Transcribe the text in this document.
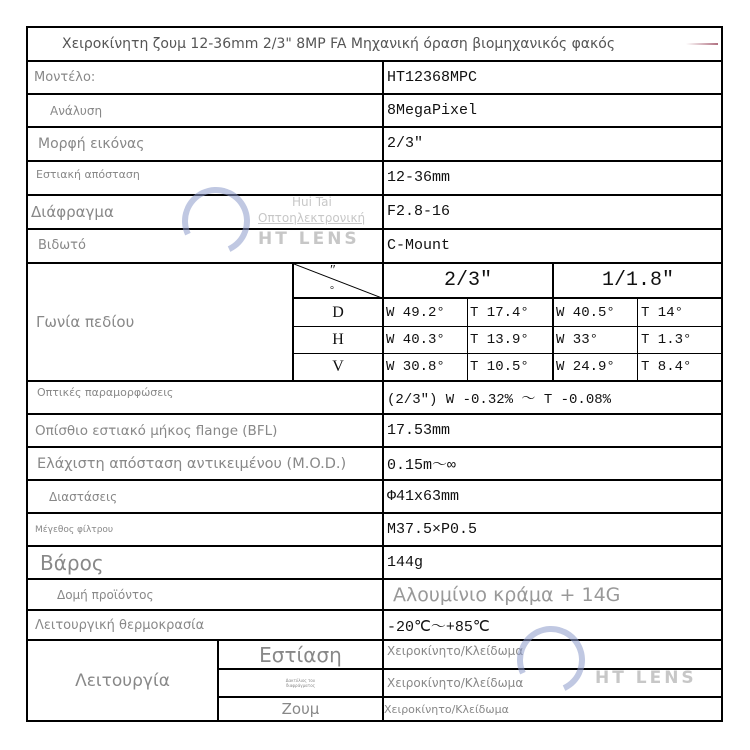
Χειροκίνητη ζουμ 12-36mm 2/3" 8MP FA Μηχανική όραση βιομηχανικός φακός
Μοντέλο:	HT12368MPC
Ανάλυση	8MegaPixel
Μορφή εικόνας	2/3″
Εστιακή απόσταση	12-36mm
Διάφραγμα	F2.8-16
Βιδωτό	C-Mount
Γωνία πεδίου
″
°	2/3″	1/1.8″
D	W 49.2°	T 17.4°	W 40.5°	T 14°
H	W 40.3°	T 13.9°	W 33°	T 1.3°
V	W 30.8°	T 10.5°	W 24.9°	T 8.4°
Οπτικές παραμορφώσεις	(2/3″) W -0.32% ～ T -0.08%
Οπίσθιο εστιακό μήκος flange (BFL)	17.53mm
Ελάχιστη απόσταση αντικειμένου (M.O.D.)	0.15m～∞
Διαστάσεις	Φ41x63mm
Μέγεθος φίλτρου	M37.5×P0.5
Βάρος	144g
Δομή προϊόντος	Αλουμίνιο κράμα + 14G
Λειτουργική θερμοκρασία	-20℃～+85℃
Λειτουργία
Εστίαση	Χειροκίνητο/Κλείδωμα
Δακτύλιος του διαφράγματος	Χειροκίνητο/Κλείδωμα
Ζουμ	Χειροκίνητο/Κλείδωμα
Hui Tai
Οπτοηλεκτρονική
HT LENS
HT LENS
